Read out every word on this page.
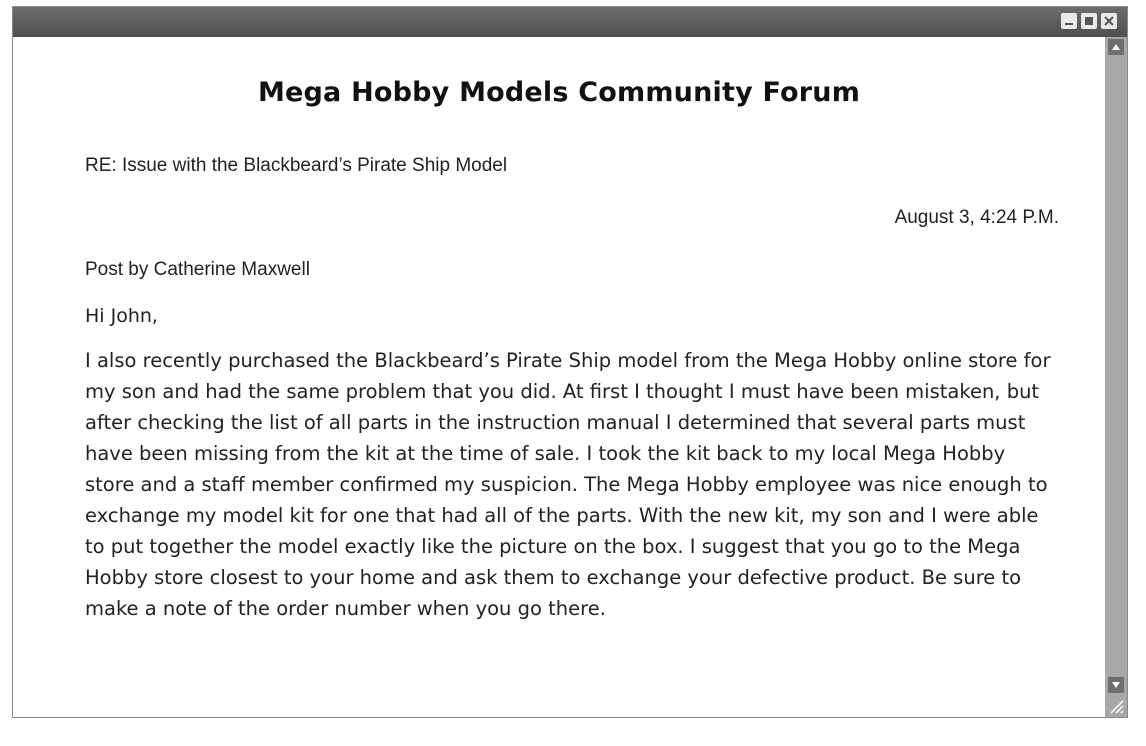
Mega Hobby Models Community Forum
RE: Issue with the Blackbeard’s Pirate Ship Model
August 3, 4:24 P.M.
Post by Catherine Maxwell
Hi John,
I also recently purchased the Blackbeard’s Pirate Ship model from the Mega Hobby online store for my son and had the same problem that you did. At first I thought I must have been mistaken, but after checking the list of all parts in the instruction manual I determined that several parts must have been missing from the kit at the time of sale. I took the kit back to my local Mega Hobby store and a staff member confirmed my suspicion. The Mega Hobby employee was nice enough to exchange my model kit for one that had all of the parts. With the new kit, my son and I were able to put together the model exactly like the picture on the box. I suggest that you go to the Mega Hobby store closest to your home and ask them to exchange your defective product. Be sure to make a note of the order number when you go there.
